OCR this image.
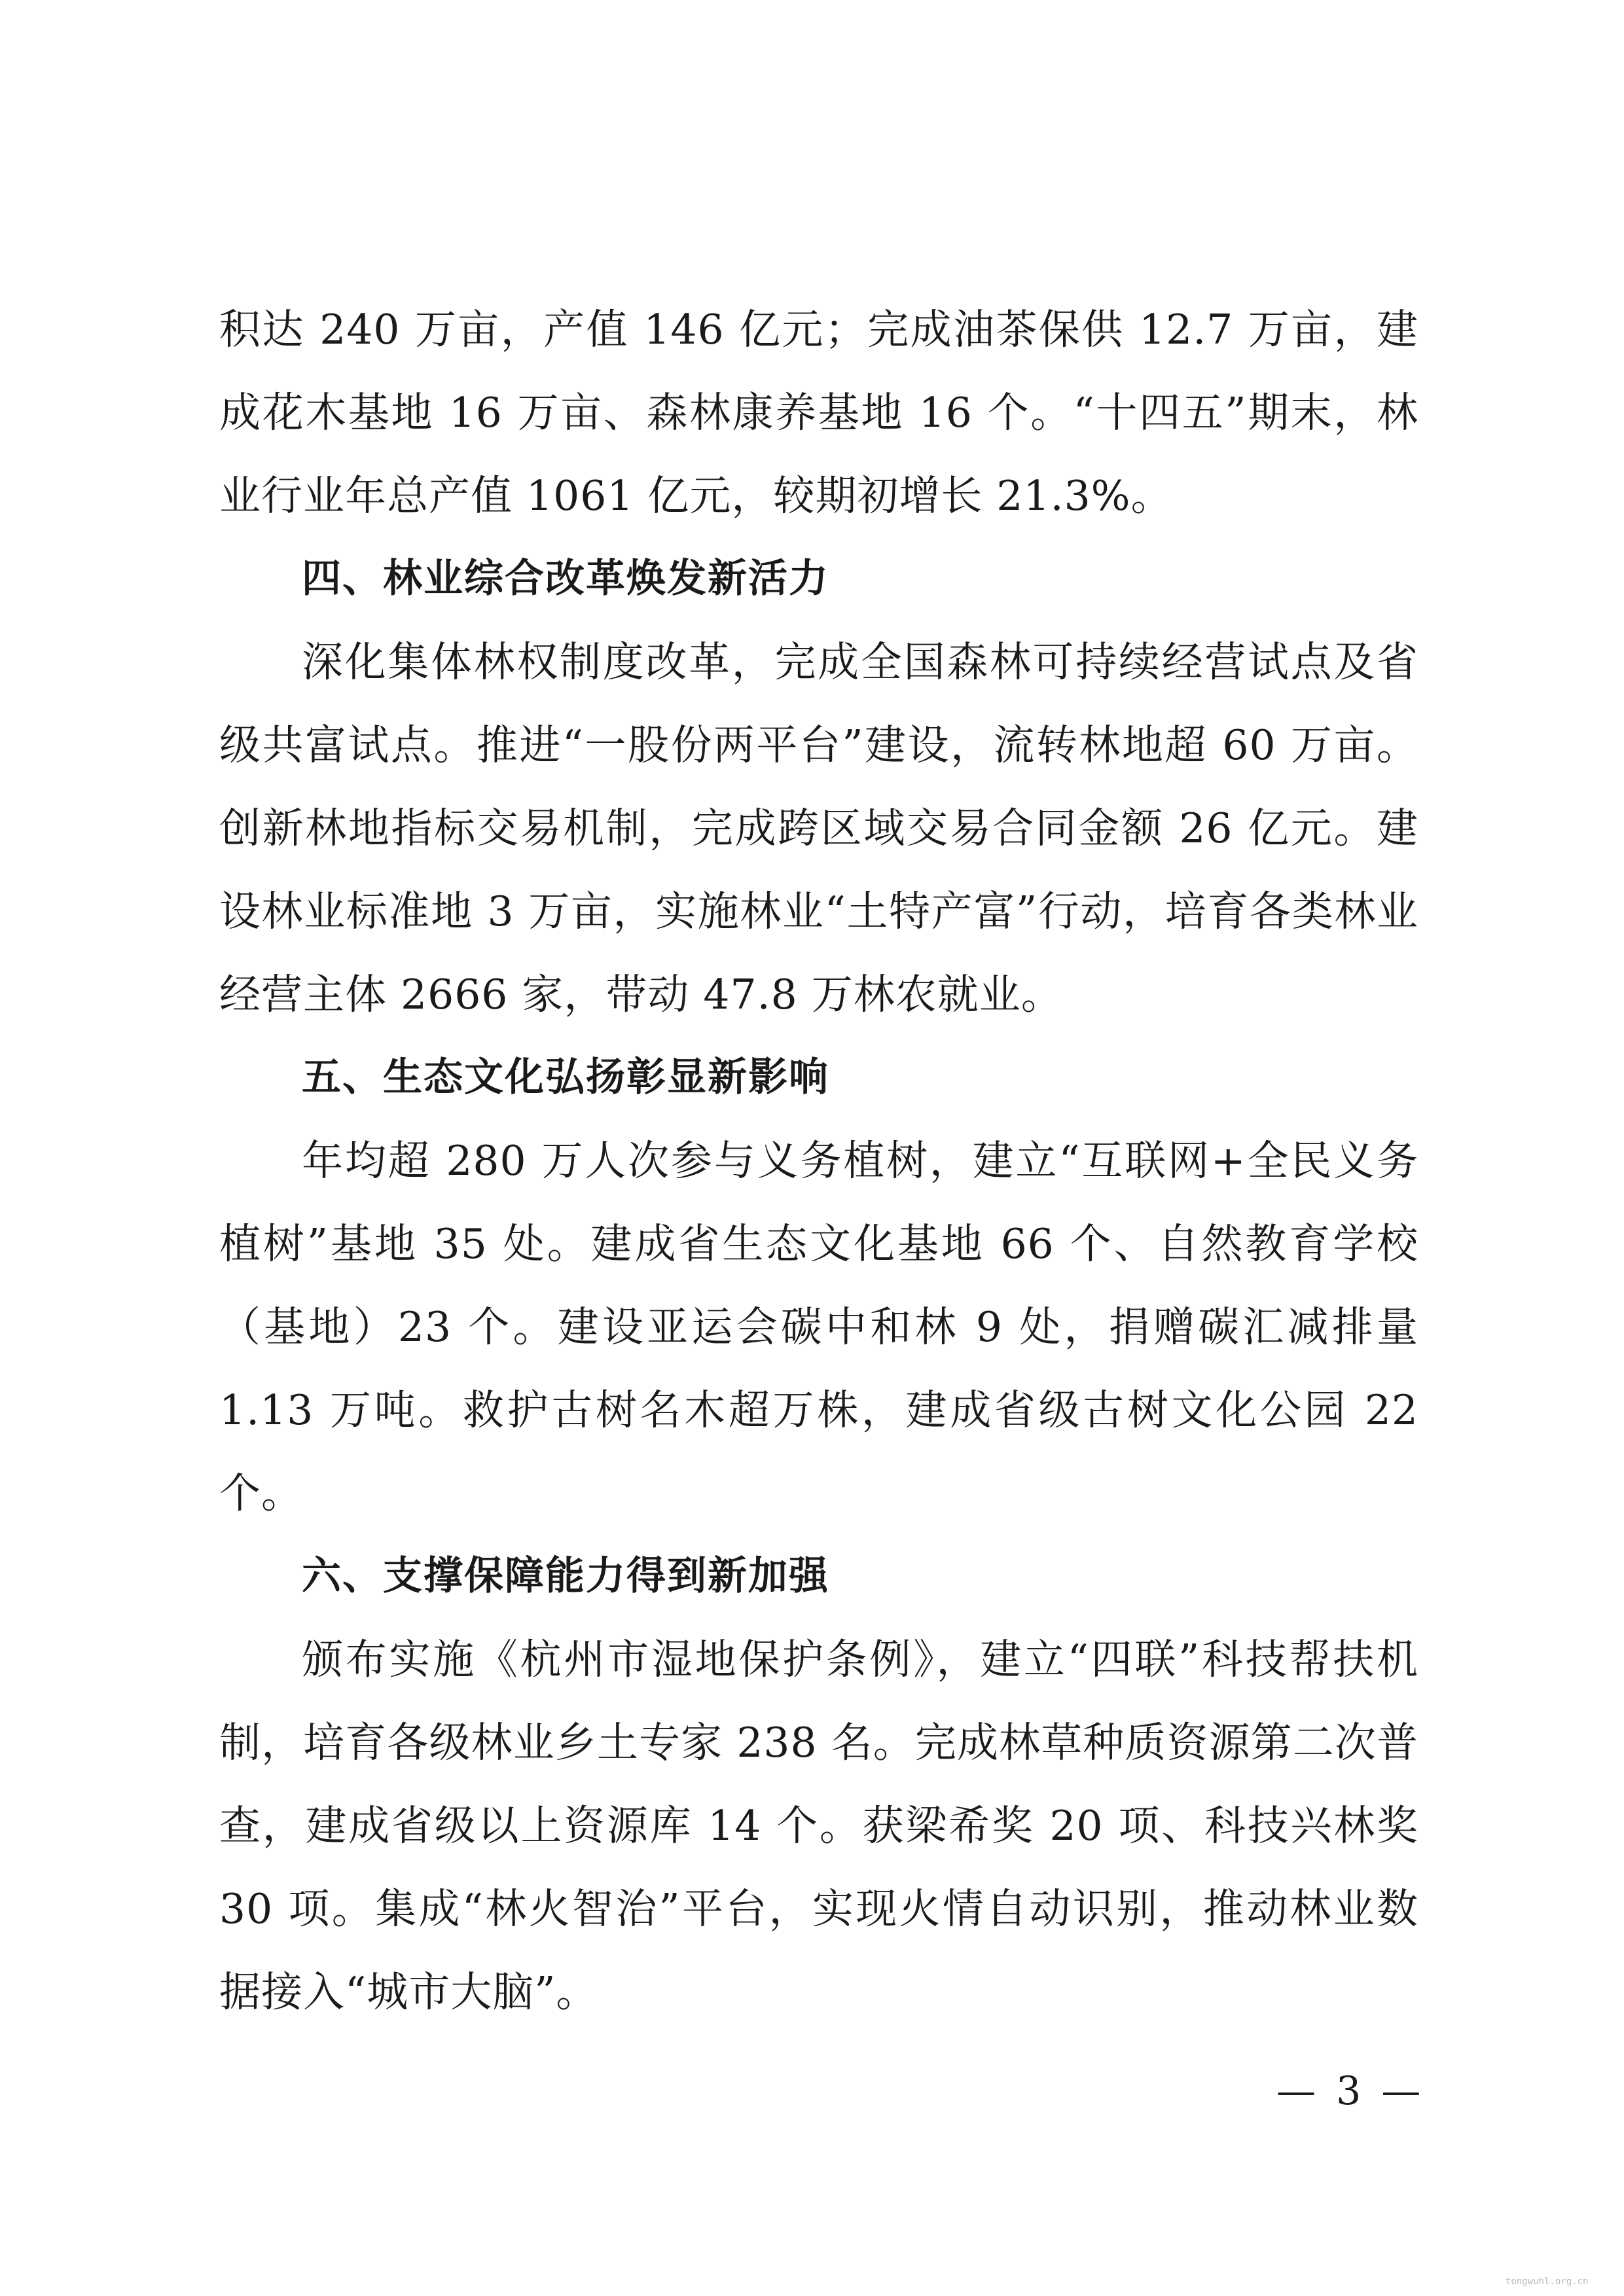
积达 240 万亩，产值 146 亿元；完成油茶保供 12.7 万亩，建成花木基地 16 万亩、森林康养基地 16 个。“十四五”期末，林业行业年总产值 1061 亿元，较期初增长 21.3%。

四、林业综合改革焕发新活力

深化集体林权制度改革，完成全国森林可持续经营试点及省级共富试点。推进“一股份两平台”建设，流转林地超 60 万亩。创新林地指标交易机制，完成跨区域交易合同金额 26 亿元。建设林业标准地 3 万亩，实施林业“土特产富”行动，培育各类林业经营主体 2666 家，带动 47.8 万林农就业。

五、生态文化弘扬彰显新影响

年均超 280 万人次参与义务植树，建立“互联网+全民义务植树”基地 35 处。建成省生态文化基地 66 个、自然教育学校（基地）23 个。建设亚运会碳中和林 9 处，捐赠碳汇减排量 1.13 万吨。救护古树名木超万株，建成省级古树文化公园 22 个。

六、支撑保障能力得到新加强

颁布实施《杭州市湿地保护条例》，建立“四联”科技帮扶机制，培育各级林业乡土专家 238 名。完成林草种质资源第二次普查，建成省级以上资源库 14 个。获梁希奖 20 项、科技兴林奖 30 项。集成“林火智治”平台，实现火情自动识别，推动林业数据接入“城市大脑”。

— 3 —
tongwuhl.org.cn
